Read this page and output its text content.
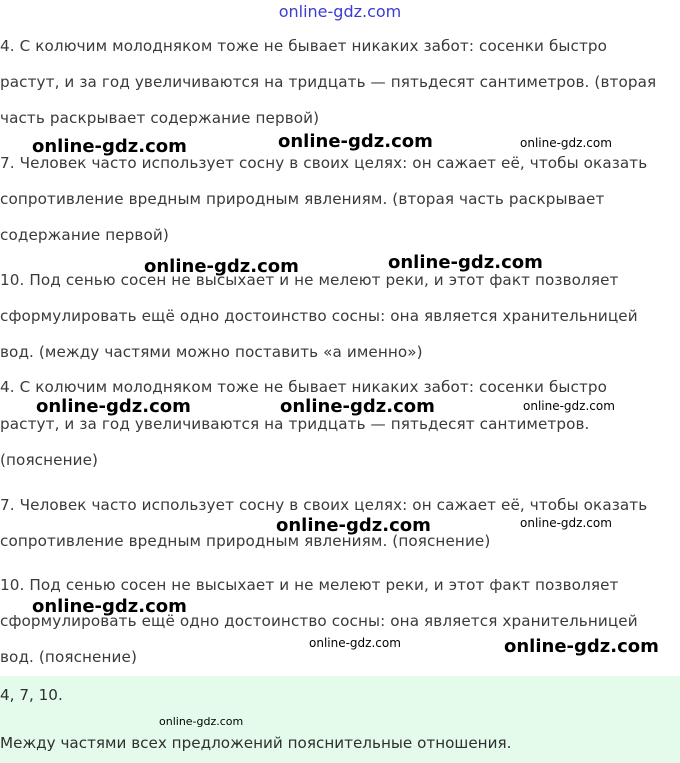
online-gdz.com
4. С колючим молодняком тоже не бывает никаких забот: сосенки быстро
растут, и за год увеличиваются на тридцать — пятьдесят сантиметров. (вторая
часть раскрывает содержание первой)
7. Человек часто использует сосну в своих целях: он сажает её, чтобы оказать
сопротивление вредным природным явлениям. (вторая часть раскрывает
содержание первой)
10. Под сенью сосен не высыхает и не мелеют реки, и этот факт позволяет
сформулировать ещё одно достоинство сосны: она является хранительницей
вод. (между частями можно поставить «а именно»)
4. С колючим молодняком тоже не бывает никаких забот: сосенки быстро
растут, и за год увеличиваются на тридцать — пятьдесят сантиметров.
(пояснение)
7. Человек часто использует сосну в своих целях: он сажает её, чтобы оказать
сопротивление вредным природным явлениям. (пояснение)
10. Под сенью сосен не высыхает и не мелеют реки, и этот факт позволяет
сформулировать ещё одно достоинство сосны: она является хранительницей
вод. (пояснение)
4, 7, 10.
Между частями всех предложений пояснительные отношения.
online-gdz.com	online-gdz.com	online-gdz.com
online-gdz.com	online-gdz.com
online-gdz.com	online-gdz.com	online-gdz.com
online-gdz.com	online-gdz.com
online-gdz.com
online-gdz.com	online-gdz.com
online-gdz.com
